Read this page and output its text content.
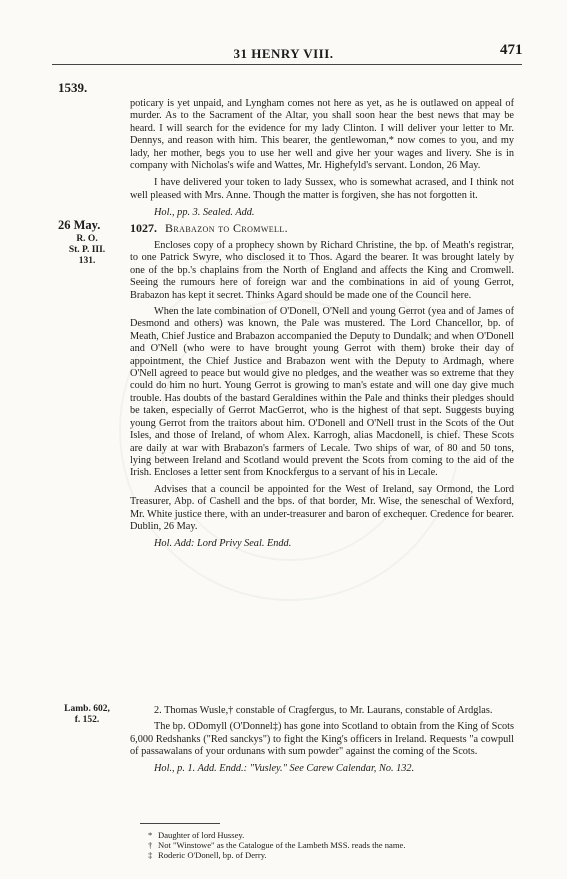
31 HENRY VIII.	471
1539.

poticary is yet unpaid, and Lyngham comes not here as yet, as he is outlawed on appeal of murder. As to the Sacrament of the Altar, you shall soon hear the best news that may be heard. I will search for the evidence for my lady Clinton. I will deliver your letter to Mr. Dennys, and reason with him. This bearer, the gentlewoman,* now comes to you, and my lady, her mother, begs you to use her well and give her your wages and livery. She is in company with Nicholas's wife and Wattes, Mr. Highefyld's servant. London, 26 May.

I have delivered your token to lady Sussex, who is somewhat acrased, and I think not well pleased with Mrs. Anne. Though the matter is forgiven, she has not forgotten it.

Hol., pp. 3. Sealed. Add.

26 May.
R. O.
St. P. III.
131.
1027. Brabazon to Cromwell.

Encloses copy of a prophecy shown by Richard Christine, the bp. of Meath's registrar, to one Patrick Swyre, who disclosed it to Thos. Agard the bearer. It was brought lately by one of the bp.'s chaplains from the North of England and affects the King and Cromwell. Seeing the rumours here of foreign war and the combinations in aid of young Gerrot, Brabazon has kept it secret. Thinks Agard should be made one of the Council here.

When the late combination of O'Donell, O'Nell and young Gerrot (yea and of James of Desmond and others) was known, the Pale was mustered. The Lord Chancellor, bp. of Meath, Chief Justice and Brabazon accompanied the Deputy to Dundalk; and when O'Donell and O'Nell (who were to have brought young Gerrot with them) broke their day of appointment, the Chief Justice and Brabazon went with the Deputy to Ardmagh, where O'Nell agreed to peace but would give no pledges, and the weather was so extreme that they could do him no hurt. Young Gerrot is growing to man's estate and will one day give much trouble. Has doubts of the bastard Geraldines within the Pale and thinks their pledges should be taken, especially of Gerrot MacGerrot, who is the highest of that sept. Suggests buying young Gerrot from the traitors about him. O'Donell and O'Nell trust in the Scots of the Out Isles, and those of Ireland, of whom Alex. Karrogh, alias Macdonell, is chief. These Scots are daily at war with Brabazon's farmers of Lecale. Two ships of war, of 80 and 50 tons, lying between Ireland and Scotland would prevent the Scots from coming to the aid of the Irish. Encloses a letter sent from Knockfergus to a servant of his in Lecale.

Advises that a council be appointed for the West of Ireland, say Ormond, the Lord Treasurer, Abp. of Cashell and the bps. of that border, Mr. Wise, the seneschal of Wexford, Mr. White justice there, with an under-treasurer and baron of exchequer. Credence for bearer. Dublin, 26 May.

Hol. Add: Lord Privy Seal. Endd.

Lamb. 602,
f. 152.

2. Thomas Wusle,† constable of Cragfergus, to Mr. Laurans, constable of Ardglas.

The bp. ODomyll (O'Donnel‡) has gone into Scotland to obtain from the King of Scots 6,000 Redshanks ("Red sanckys") to fight the King's officers in Ireland. Requests "a cowpull of passawalans of your ordunans with sum powder" against the coming of the Scots.

Hol., p. 1. Add. Endd.: "Vusley." See Carew Calendar, No. 132.

* Daughter of lord Hussey.
† Not "Winstowe" as the Catalogue of the Lambeth MSS. reads the name.
‡ Roderic O'Donell, bp. of Derry.
